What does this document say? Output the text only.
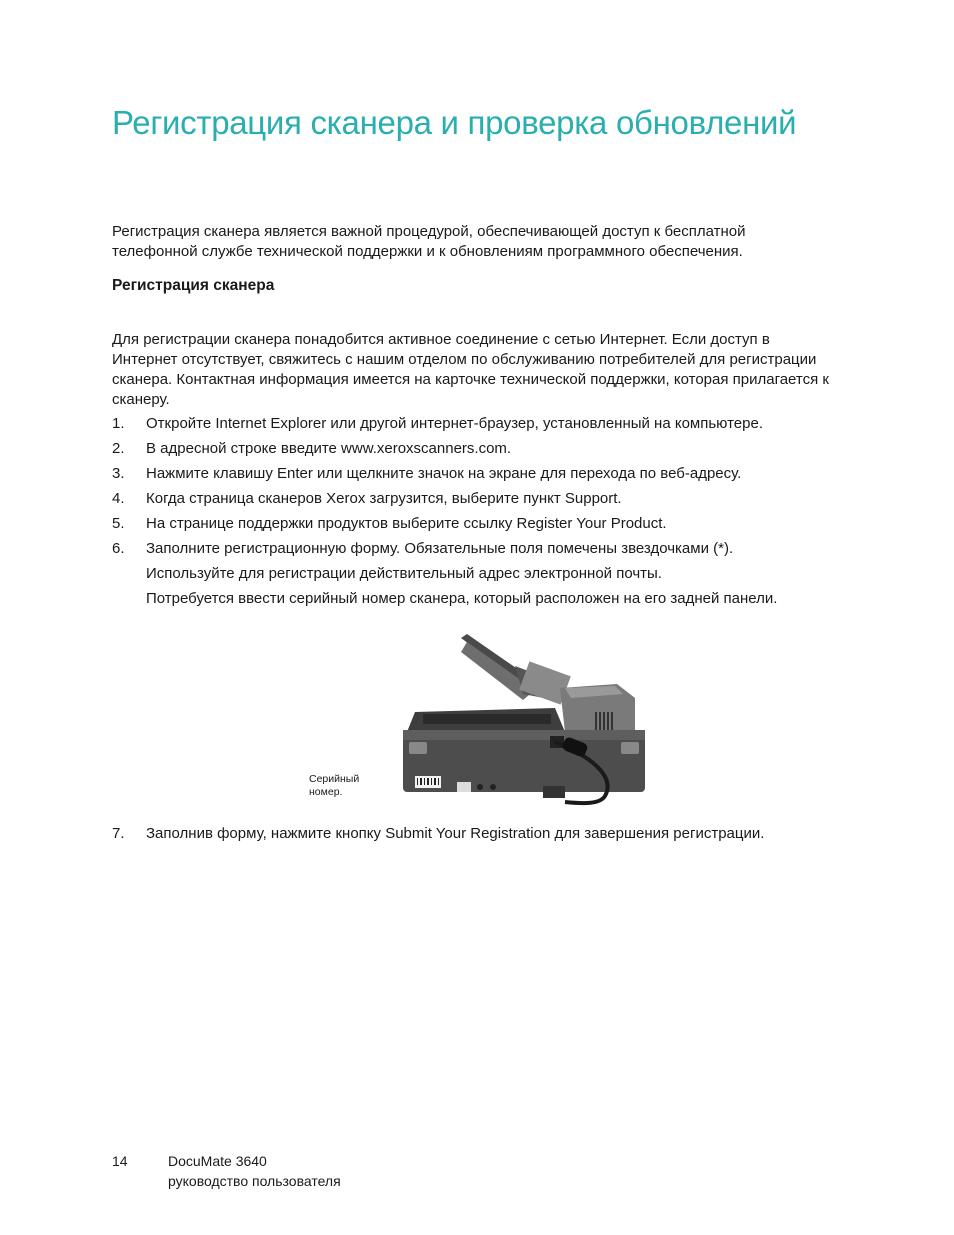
Регистрация сканера и проверка обновлений

Регистрация сканера является важной процедурой, обеспечивающей доступ к бесплатной телефонной службе технической поддержки и к обновлениям программного обеспечения.

Регистрация сканера

Для регистрации сканера понадобится активное соединение с сетью Интернет. Если доступ в Интернет отсутствует, свяжитесь с нашим отделом по обслуживанию потребителей для регистрации сканера. Контактная информация имеется на карточке технической поддержки, которая прилагается к сканеру.

1. Откройте Internet Explorer или другой интернет-браузер, установленный на компьютере.
2. В адресной строке введите www.xeroxscanners.com.
3. Нажмите клавишу Enter или щелкните значок на экране для перехода по веб-адресу.
4. Когда страница сканеров Xerox загрузится, выберите пункт Support.
5. На странице поддержки продуктов выберите ссылку Register Your Product.
6. Заполните регистрационную форму. Обязательные поля помечены звездочками (*).
Используйте для регистрации действительный адрес электронной почты.
Потребуется ввести серийный номер сканера, который расположен на его задней панели.
Серийный
номер.
7. Заполнив форму, нажмите кнопку Submit Your Registration для завершения регистрации.
14	DocuMate 3640
руководство пользователя
